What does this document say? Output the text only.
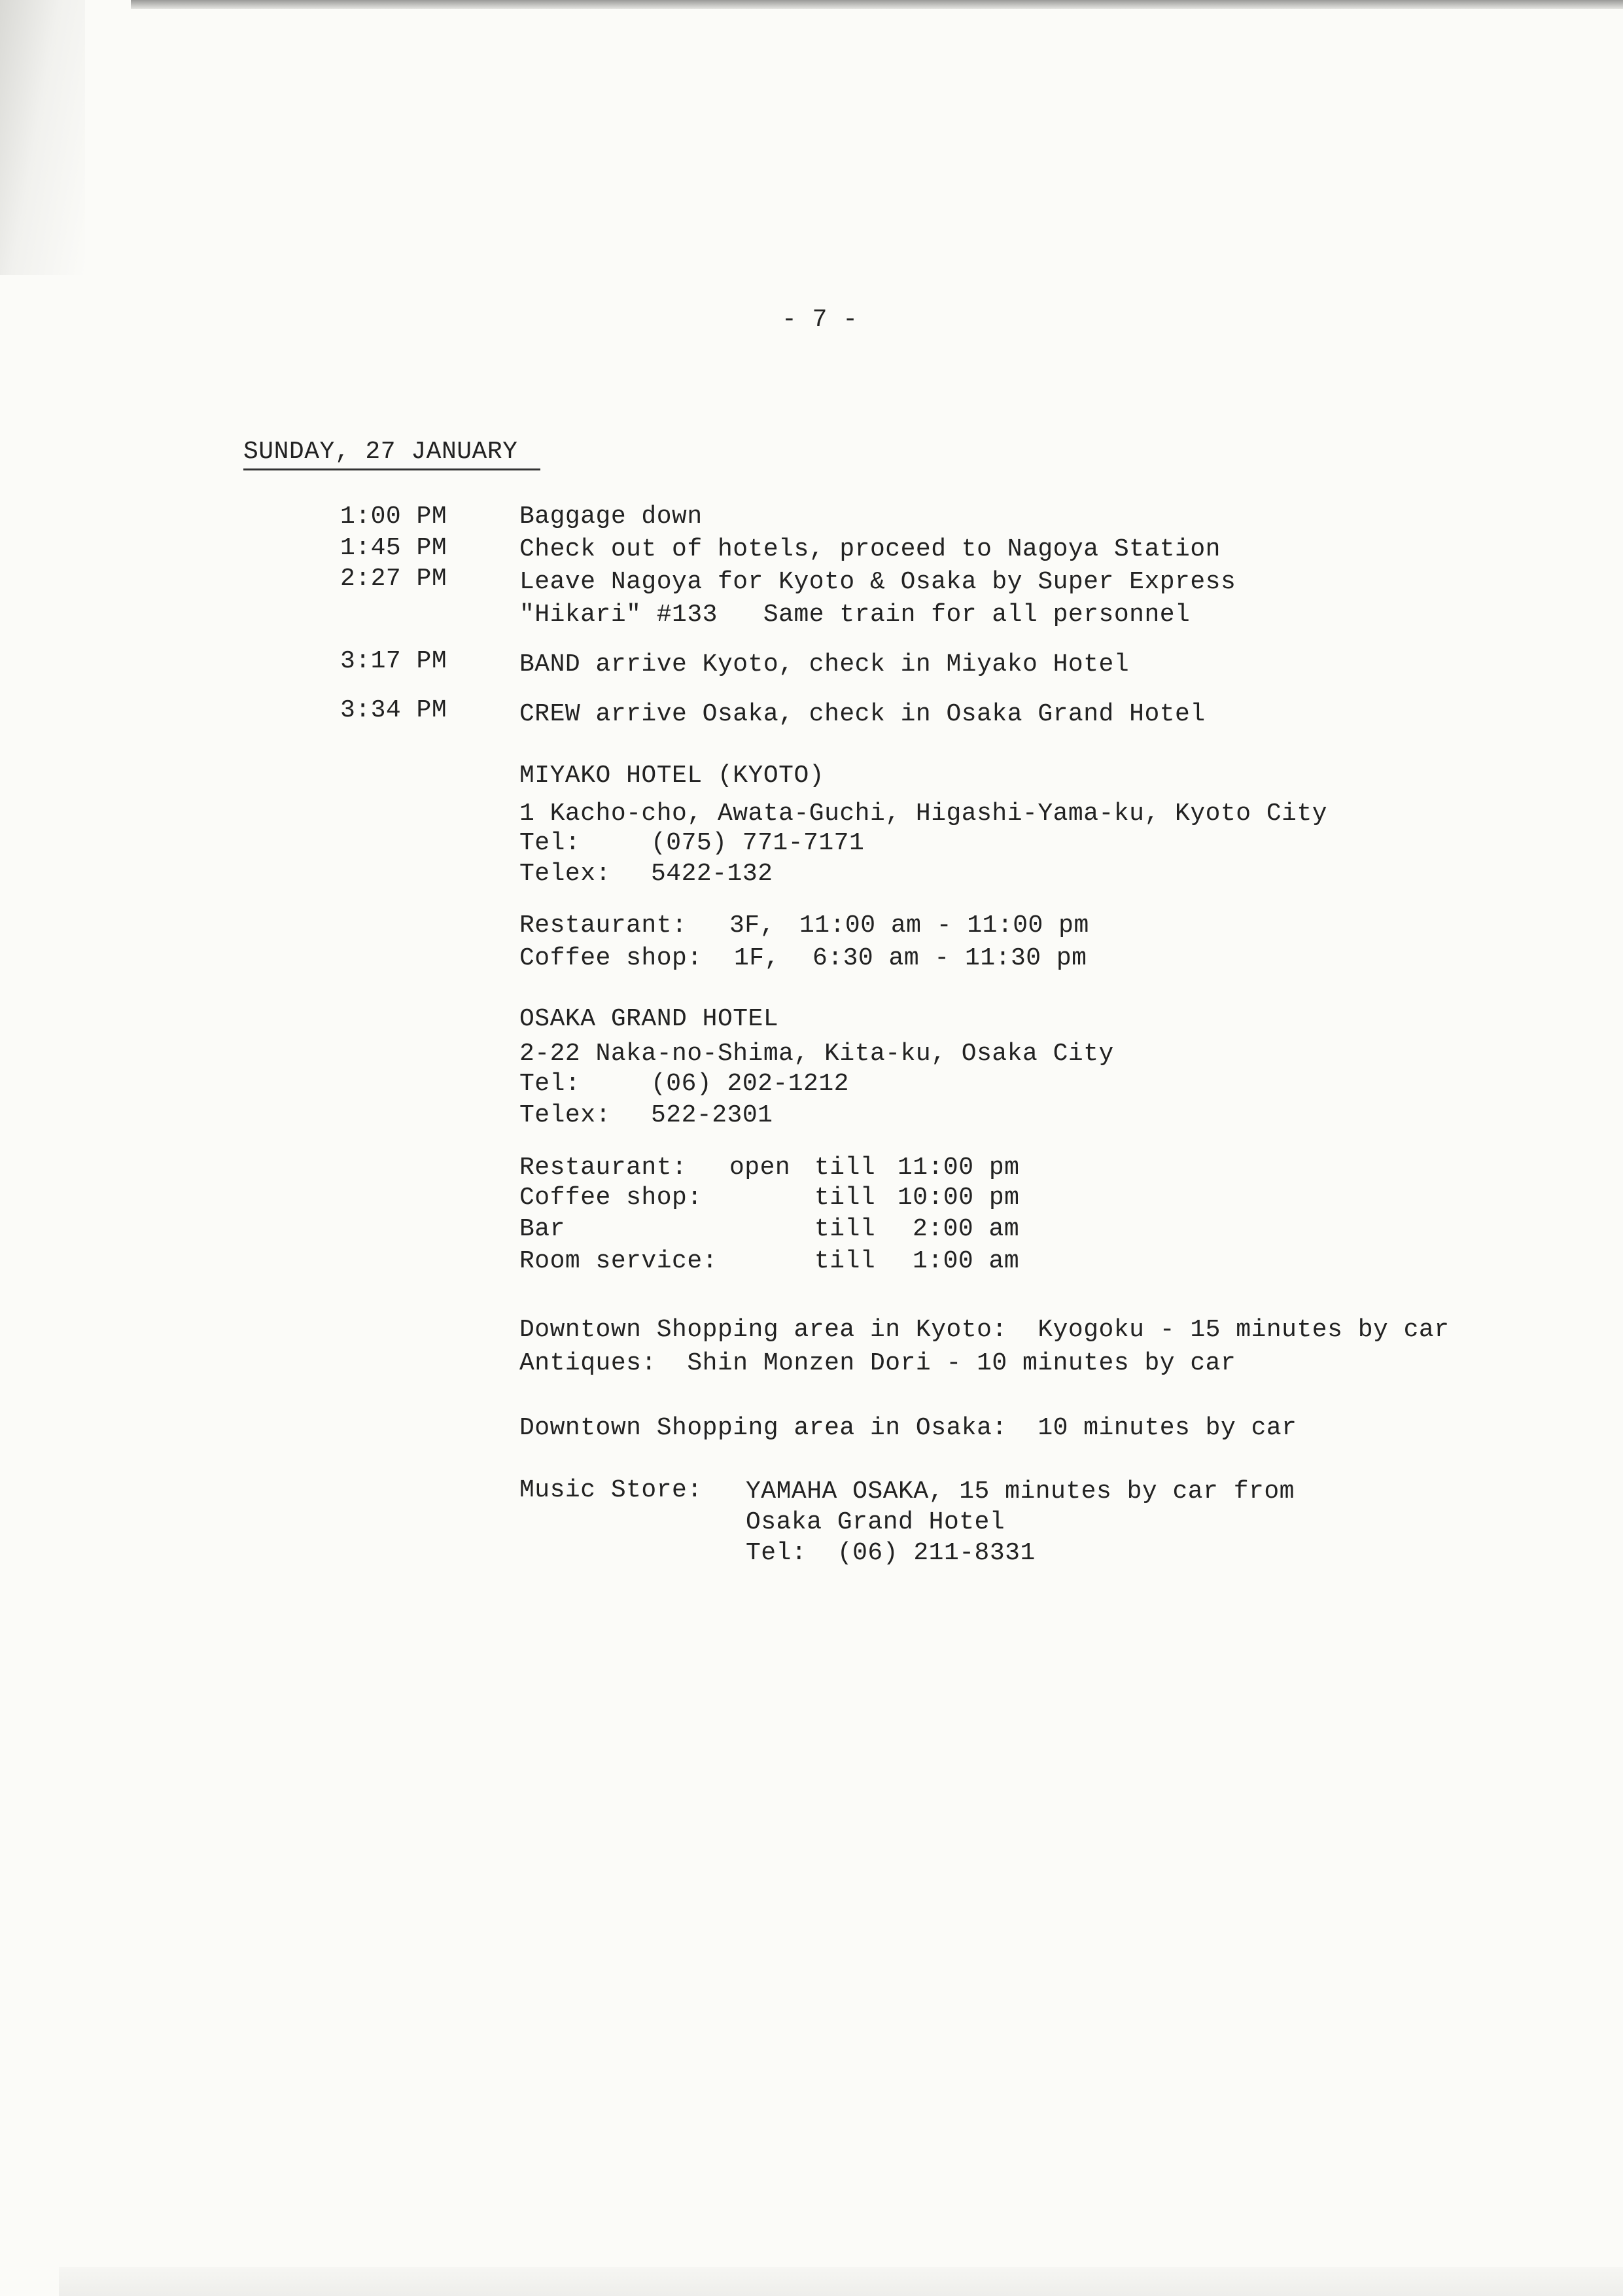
- 7 -
SUNDAY, 27 JANUARY
1:00 PM	Baggage down
1:45 PM	Check out of hotels, proceed to Nagoya Station
2:27 PM	Leave Nagoya for Kyoto & Osaka by Super Express
"Hikari" #133   Same train for all personnel
3:17 PM	BAND arrive Kyoto, check in Miyako Hotel
3:34 PM	CREW arrive Osaka, check in Osaka Grand Hotel
MIYAKO HOTEL (KYOTO)
1 Kacho-cho, Awata-Guchi, Higashi-Yama-ku, Kyoto City
Tel:	(075) 771-7171
Telex: 5422-132
Restaurant: 3F, 11:00 am - 11:00 pm
Coffee shop: 1F, 6:30 am - 11:30 pm
OSAKA GRAND HOTEL
2-22 Naka-no-Shima, Kita-ku, Osaka City
Tel:	(06) 202-1212
Telex: 522-2301
Restaurant: open till 11:00 pm
Coffee shop:	till 10:00 pm
Bar	till 2:00 am
Room service:	till 1:00 am
Downtown Shopping area in Kyoto:  Kyogoku - 15 minutes by car
Antiques:  Shin Monzen Dori - 10 minutes by car
Downtown Shopping area in Osaka:  10 minutes by car
Music Store: YAMAHA OSAKA, 15 minutes by car from
Osaka Grand Hotel
Tel:  (06) 211-8331
